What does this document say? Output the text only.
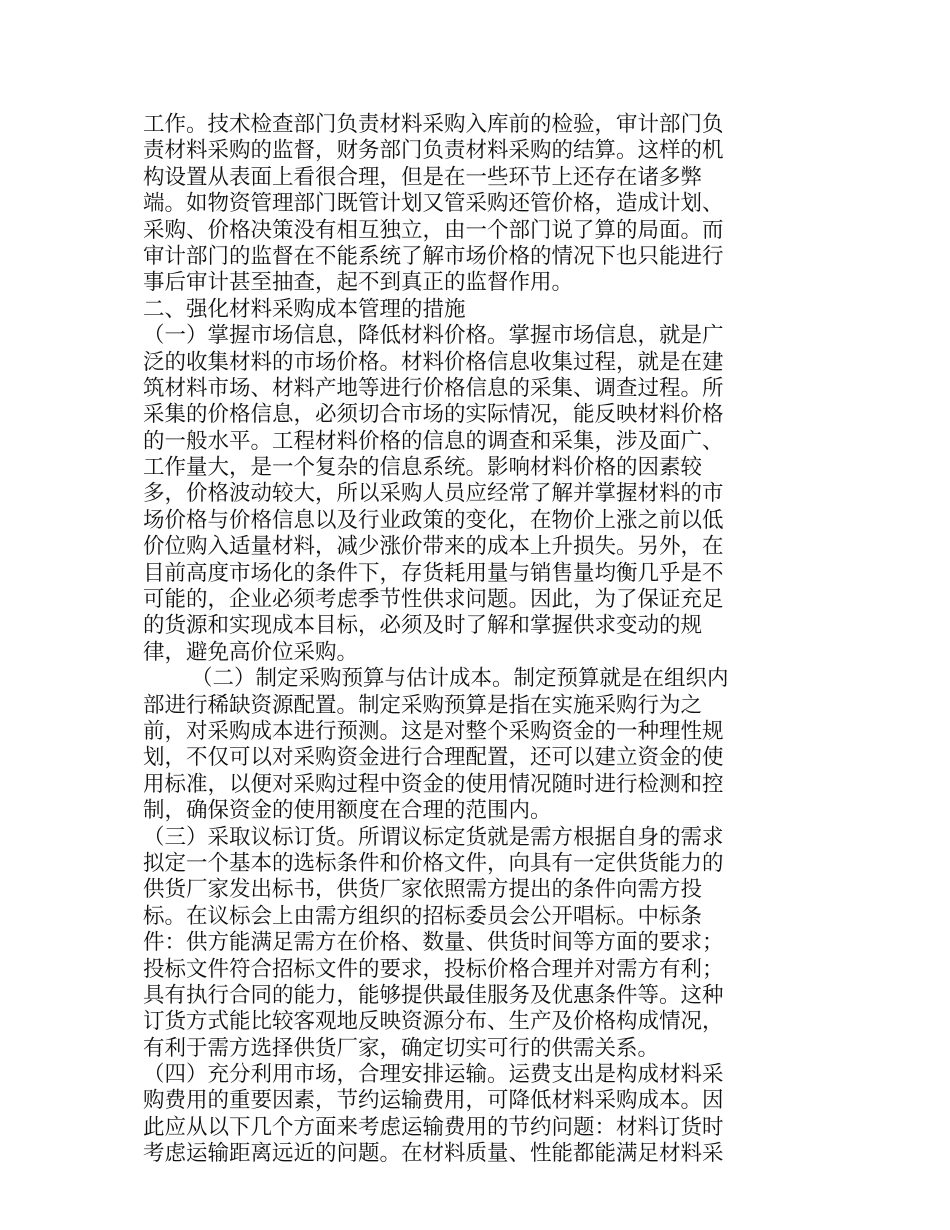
工作。技术检查部门负责材料采购入库前的检验，审计部门负
责材料采购的监督，财务部门负责材料采购的结算。这样的机
构设置从表面上看很合理，但是在一些环节上还存在诸多弊
端。如物资管理部门既管计划又管采购还管价格，造成计划、
采购、价格决策没有相互独立，由一个部门说了算的局面。而
审计部门的监督在不能系统了解市场价格的情况下也只能进行
事后审计甚至抽查，起不到真正的监督作用。
二、强化材料采购成本管理的措施
（一）掌握市场信息，降低材料价格。掌握市场信息，就是广
泛的收集材料的市场价格。材料价格信息收集过程，就是在建
筑材料市场、材料产地等进行价格信息的采集、调查过程。所
采集的价格信息，必须切合市场的实际情况，能反映材料价格
的一般水平。工程材料价格的信息的调查和采集，涉及面广、
工作量大，是一个复杂的信息系统。影响材料价格的因素较
多，价格波动较大，所以采购人员应经常了解并掌握材料的市
场价格与价格信息以及行业政策的变化，在物价上涨之前以低
价位购入适量材料，减少涨价带来的成本上升损失。另外，在
目前高度市场化的条件下，存货耗用量与销售量均衡几乎是不
可能的，企业必须考虑季节性供求问题。因此，为了保证充足
的货源和实现成本目标，必须及时了解和掌握供求变动的规
律，避免高价位采购。
（二）制定采购预算与估计成本。制定预算就是在组织内
部进行稀缺资源配置。制定采购预算是指在实施采购行为之
前，对采购成本进行预测。这是对整个采购资金的一种理性规
划，不仅可以对采购资金进行合理配置，还可以建立资金的使
用标准，以便对采购过程中资金的使用情况随时进行检测和控
制，确保资金的使用额度在合理的范围内。
（三）采取议标订货。所谓议标定货就是需方根据自身的需求
拟定一个基本的选标条件和价格文件，向具有一定供货能力的
供货厂家发出标书，供货厂家依照需方提出的条件向需方投
标。在议标会上由需方组织的招标委员会公开唱标。中标条
件：供方能满足需方在价格、数量、供货时间等方面的要求；
投标文件符合招标文件的要求，投标价格合理并对需方有利；
具有执行合同的能力，能够提供最佳服务及优惠条件等。这种
订货方式能比较客观地反映资源分布、生产及价格构成情况，
有利于需方选择供货厂家，确定切实可行的供需关系。
（四）充分利用市场，合理安排运输。运费支出是构成材料采
购费用的重要因素，节约运输费用，可降低材料采购成本。因
此应从以下几个方面来考虑运输费用的节约问题：材料订货时
考虑运输距离远近的问题。在材料质量、性能都能满足材料采
